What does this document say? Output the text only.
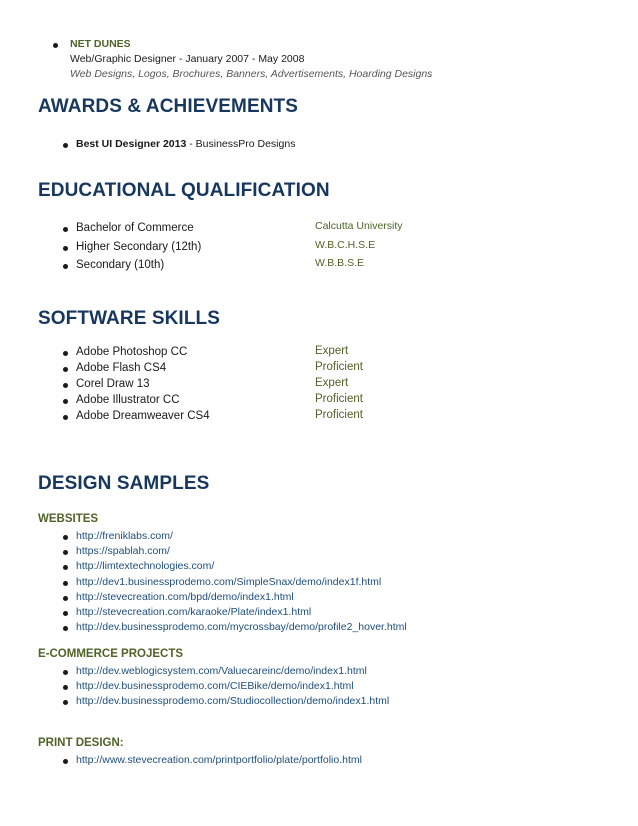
NET DUNES
Web/Graphic Designer - January 2007 - May 2008
Web Designs, Logos, Brochures, Banners, Advertisements, Hoarding Designs
AWARDS & ACHIEVEMENTS
Best UI Designer 2013 - BusinessPro Designs
EDUCATIONAL QUALIFICATION
Bachelor of Commerce	Calcutta University
Higher Secondary (12th)	W.B.C.H.S.E
Secondary (10th)	W.B.B.S.E
SOFTWARE SKILLS
Adobe Photoshop CC	Expert
Adobe Flash CS4	Proficient
Corel Draw 13	Expert
Adobe Illustrator CC	Proficient
Adobe Dreamweaver CS4	Proficient
DESIGN SAMPLES
WEBSITES
http://freniklabs.com/
https://spablah.com/
http://limtextechnologies.com/
http://dev1.businessprodemo.com/SimpleSnax/demo/index1f.html
http://stevecreation.com/bpd/demo/index1.html
http://stevecreation.com/karaoke/Plate/index1.html
http://dev.businessprodemo.com/mycrossbay/demo/profile2_hover.html
E-COMMERCE PROJECTS
http://dev.weblogicsystem.com/Valuecareinc/demo/index1.html
http://dev.businessprodemo.com/CIEBike/demo/index1.html
http://dev.businessprodemo.com/Studiocollection/demo/index1.html
PRINT DESIGN:
http://www.stevecreation.com/printportfolio/plate/portfolio.html
